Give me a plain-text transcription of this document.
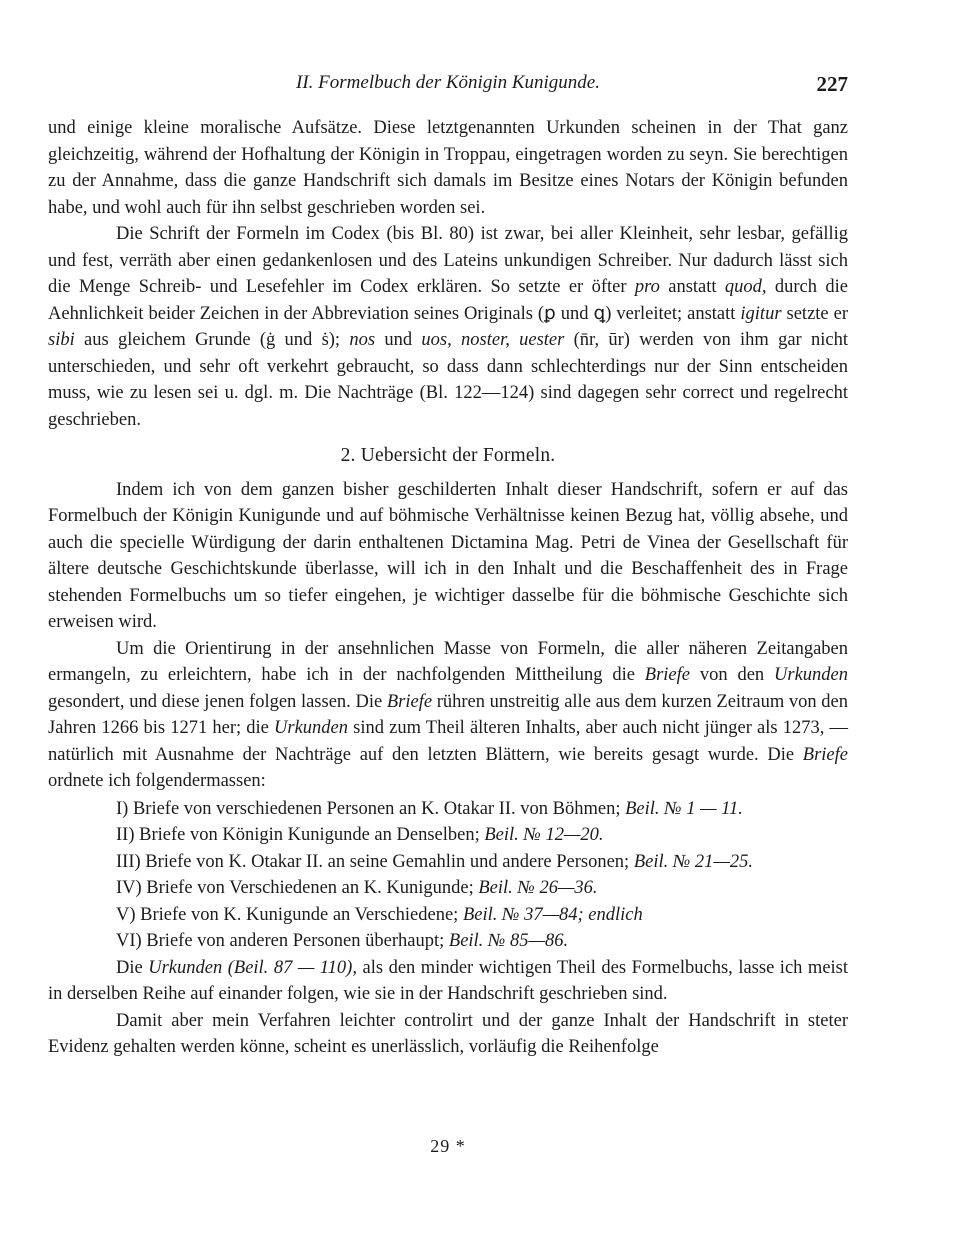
II. Formelbuch der Königin Kunigunde.	227

und einige kleine moralische Aufsätze. Diese letztgenannten Urkunden scheinen in der That ganz gleichzeitig, während der Hofhaltung der Königin in Troppau, eingetragen worden zu seyn. Sie berechtigen zu der Annahme, dass die ganze Handschrift sich damals im Besitze eines Notars der Königin befunden habe, und wohl auch für ihn selbst geschrieben worden sei.

Die Schrift der Formeln im Codex (bis Bl. 80) ist zwar, bei aller Kleinheit, sehr lesbar, gefällig und fest, verräth aber einen gedankenlosen und des Lateins unkundigen Schreiber. Nur dadurch lässt sich die Menge Schreib- und Lesefehler im Codex erklären. So setzte er öfter pro anstatt quod, durch die Aehnlichkeit beider Zeichen in der Abbreviation seines Originals (ꝑ und ꝗ) verleitet; anstatt igitur setzte er sibi aus gleichem Grunde (ġ und ṡ); nos und uos, noster, uester (n̄r, ūr) werden von ihm gar nicht unterschieden, und sehr oft verkehrt gebraucht, so dass dann schlechterdings nur der Sinn entscheiden muss, wie zu lesen sei u. dgl. m. Die Nachträge (Bl. 122—124) sind dagegen sehr correct und regelrecht geschrieben.

2. Uebersicht der Formeln.

Indem ich von dem ganzen bisher geschilderten Inhalt dieser Handschrift, sofern er auf das Formelbuch der Königin Kunigunde und auf böhmische Verhältnisse keinen Bezug hat, völlig absehe, und auch die specielle Würdigung der darin enthaltenen Dictamina Mag. Petri de Vinea der Gesellschaft für ältere deutsche Geschichtskunde überlasse, will ich in den Inhalt und die Beschaffenheit des in Frage stehenden Formelbuchs um so tiefer eingehen, je wichtiger dasselbe für die böhmische Geschichte sich erweisen wird.

Um die Orientirung in der ansehnlichen Masse von Formeln, die aller näheren Zeitangaben ermangeln, zu erleichtern, habe ich in der nachfolgenden Mittheilung die Briefe von den Urkunden gesondert, und diese jenen folgen lassen. Die Briefe rühren unstreitig alle aus dem kurzen Zeitraum von den Jahren 1266 bis 1271 her; die Urkunden sind zum Theil älteren Inhalts, aber auch nicht jünger als 1273, — natürlich mit Ausnahme der Nachträge auf den letzten Blättern, wie bereits gesagt wurde. Die Briefe ordnete ich folgendermassen:

I) Briefe von verschiedenen Personen an K. Otakar II. von Böhmen; Beil. № 1 — 11.
II) Briefe von Königin Kunigunde an Denselben; Beil. № 12—20.
III) Briefe von K. Otakar II. an seine Gemahlin und andere Personen; Beil. № 21—25.
IV) Briefe von Verschiedenen an K. Kunigunde; Beil. № 26—36.
V) Briefe von K. Kunigunde an Verschiedene; Beil. № 37—84; endlich
VI) Briefe von anderen Personen überhaupt; Beil. № 85—86.

Die Urkunden (Beil. 87 — 110), als den minder wichtigen Theil des Formelbuchs, lasse ich meist in derselben Reihe auf einander folgen, wie sie in der Handschrift geschrieben sind.

Damit aber mein Verfahren leichter controlirt und der ganze Inhalt der Handschrift in steter Evidenz gehalten werden könne, scheint es unerlässlich, vorläufig die Reihenfolge

29 *
